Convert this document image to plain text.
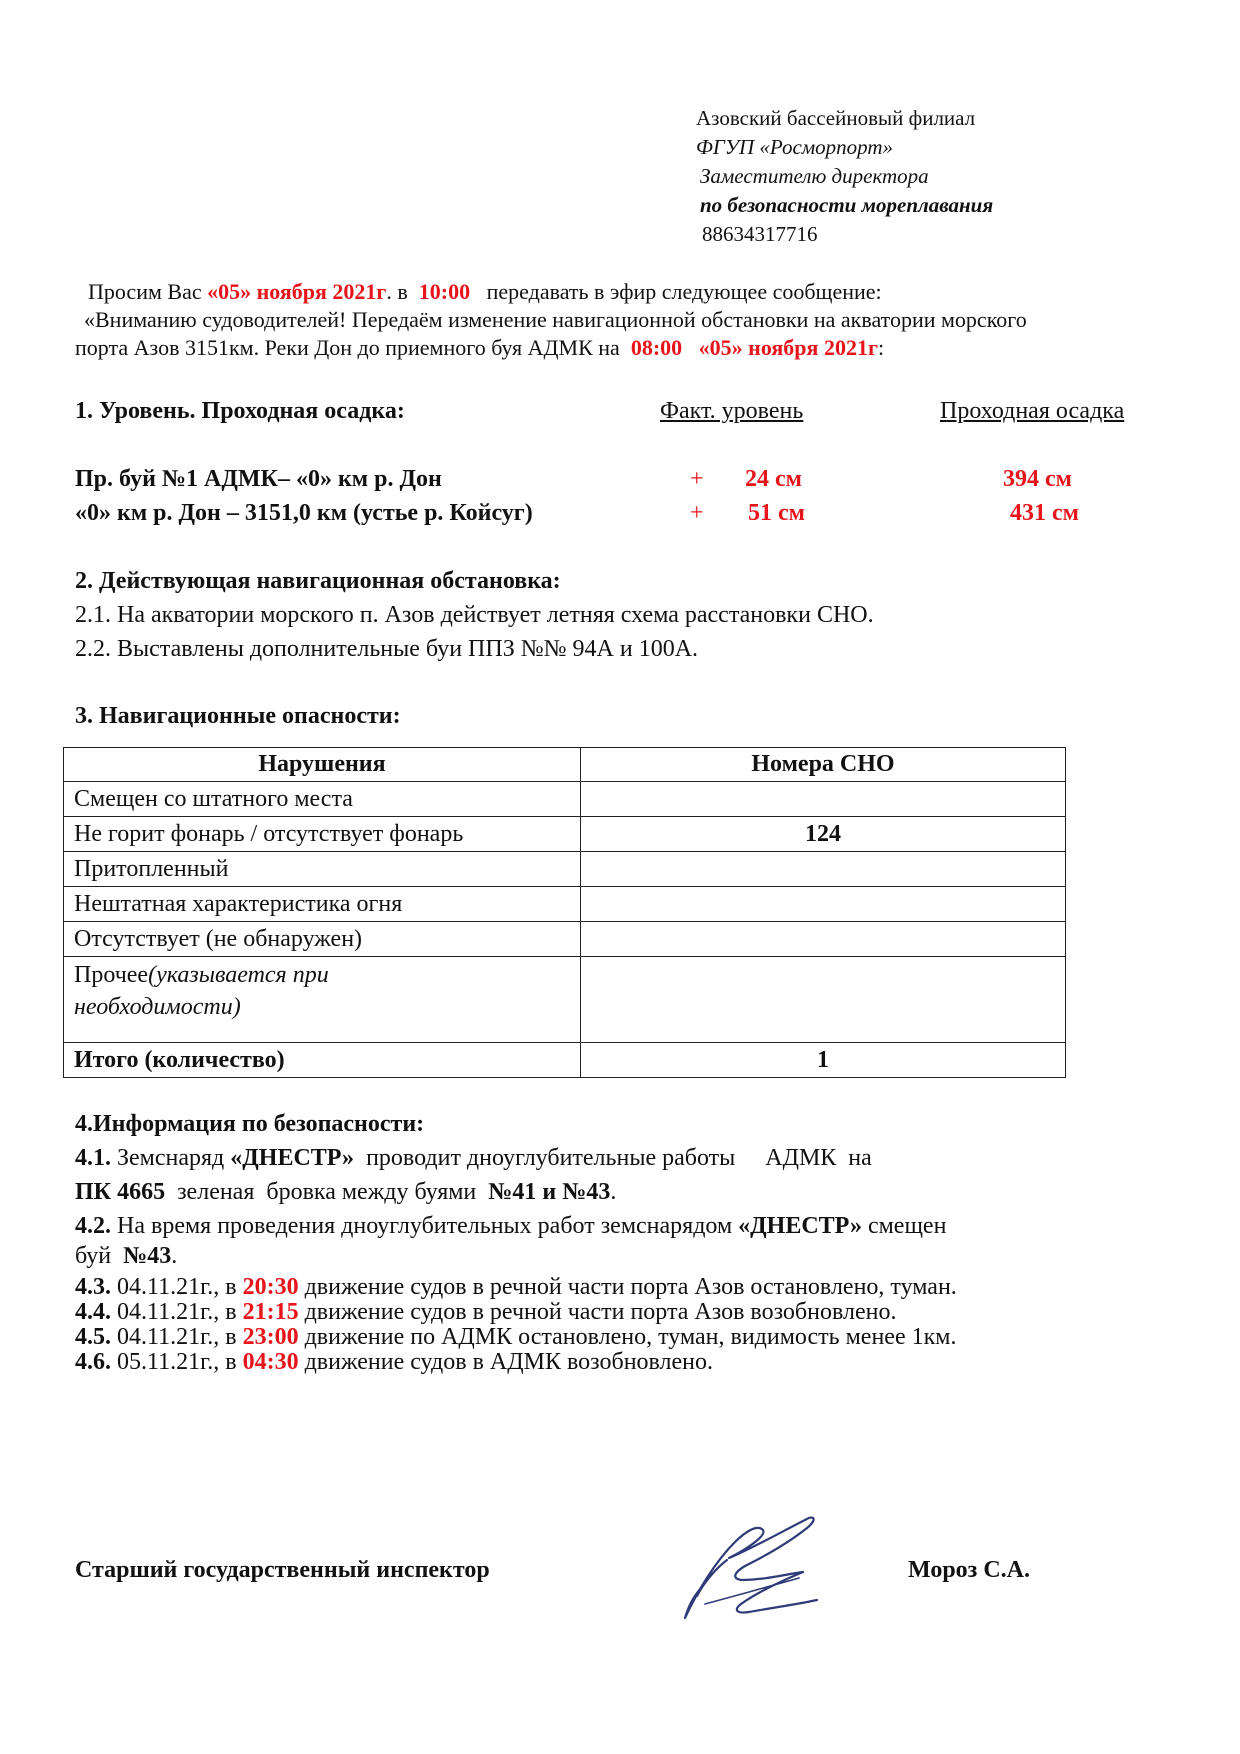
Азовский бассейновый филиал
ФГУП «Росморпорт»
Заместителю директора
по безопасности мореплавания
88634317716
Просим Вас «05» ноября 2021г. в  10:00 передавать в эфир следующее сообщение:
«Вниманию судоводителей! Передаём изменение навигационной обстановки на акватории морского
порта Азов 3151км. Реки Дон до приемного буя АДМК на  08:00 «05» ноября 2021г:
1. Уровень. Проходная осадка:	Факт. уровень	Проходная осадка
Пр. буй №1 АДМК– «0» км р. Дон	+ 24 см	394 см
«0» км р. Дон – 3151,0 км (устье р. Койсуг)	+ 51 см	431 см
2. Действующая навигационная обстановка:
2.1. На акватории морского п. Азов действует летняя схема расстановки СНО.
2.2. Выставлены дополнительные буи ППЗ №№ 94А и 100А.
3. Навигационные опасности:
Нарушения	Номера СНО
Смещен со штатного места	
Не горит фонарь / отсутствует фонарь	124
Притопленный	
Нештатная характеристика огня	
Отсутствует (не обнаружен)	
Прочее(указывается при
необходимости)	
Итого (количество)	1
4.Информация по безопасности:
4.1. Земснаряд «ДНЕСТР»  проводит дноуглубительные работы     АДМК  на
ПК 4665  зеленая  бровка между буями  №41 и №43.
4.2. На время проведения дноуглубительных работ земснарядом «ДНЕСТР» смещен
буй  №43.
4.3. 04.11.21г., в 20:30 движение судов в речной части порта Азов остановлено, туман.
4.4. 04.11.21г., в 21:15 движение судов в речной части порта Азов возобновлено.
4.5. 04.11.21г., в 23:00 движение по АДМК остановлено, туман, видимость менее 1км.
4.6. 05.11.21г., в 04:30 движение судов в АДМК возобновлено.
Старший государственный инспектор	Мороз С.А.
